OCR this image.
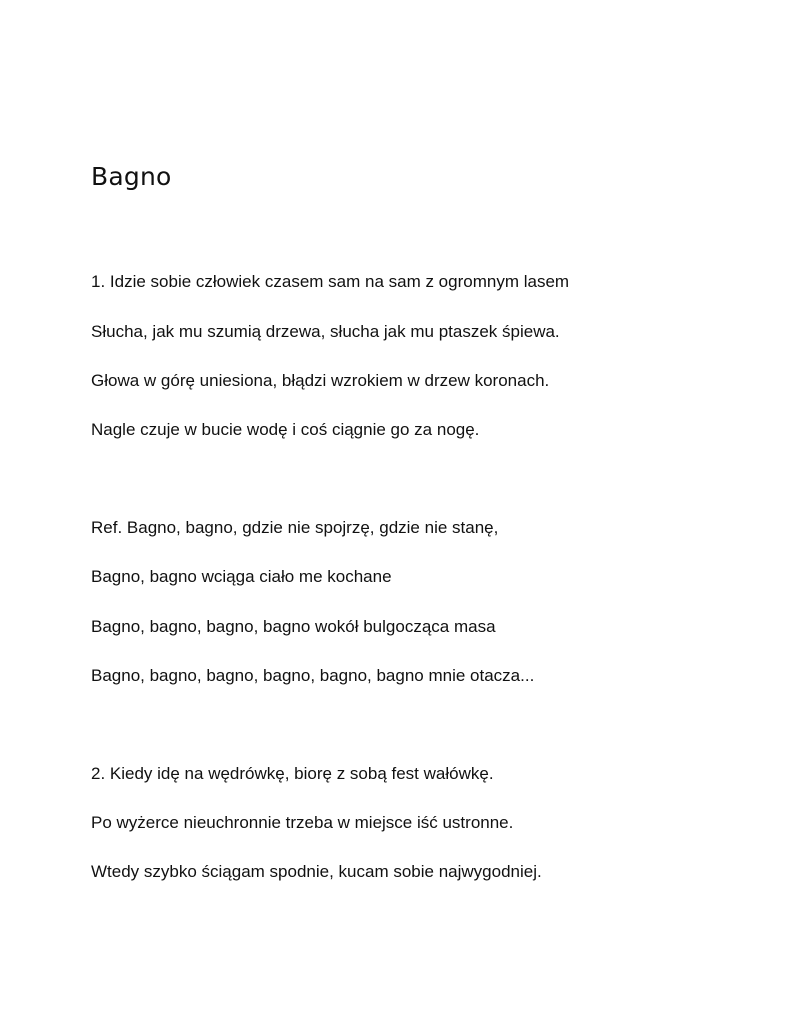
Bagno

1. Idzie sobie człowiek czasem sam na sam z ogromnym lasem

Słucha, jak mu szumią drzewa, słucha jak mu ptaszek śpiewa.

Głowa w górę uniesiona, błądzi wzrokiem w drzew koronach.

Nagle czuje w bucie wodę i coś ciągnie go za nogę.

Ref. Bagno, bagno, gdzie nie spojrzę, gdzie nie stanę,

Bagno, bagno wciąga ciało me kochane

Bagno, bagno, bagno, bagno wokół bulgocząca masa

Bagno, bagno, bagno, bagno, bagno, bagno mnie otacza...

2. Kiedy idę na wędrówkę, biorę z sobą fest wałówkę.

Po wyżerce nieuchronnie trzeba w miejsce iść ustronne.

Wtedy szybko ściągam spodnie, kucam sobie najwygodniej.
